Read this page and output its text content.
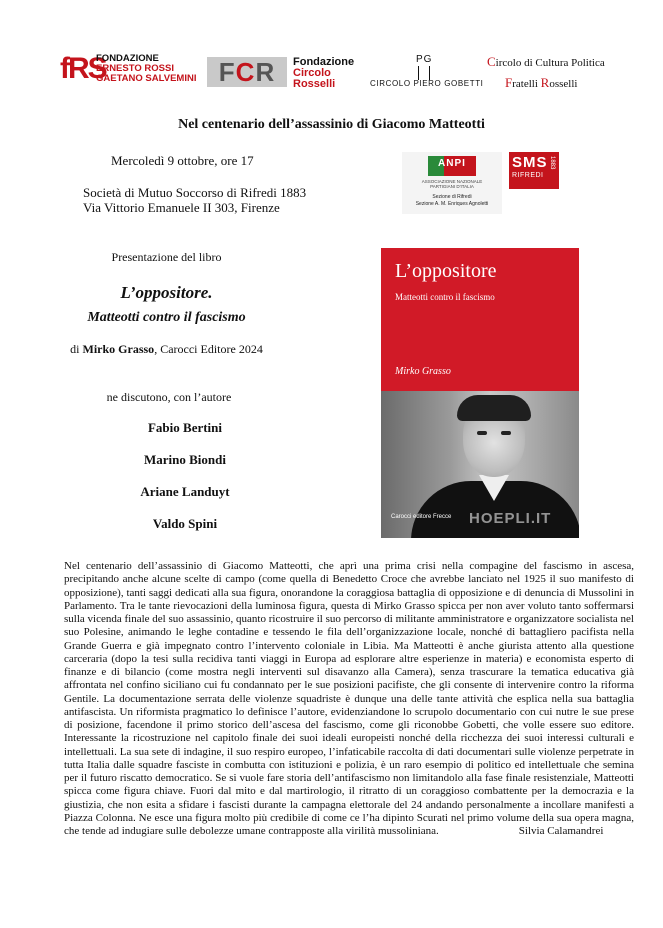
fRS
FONDAZIONE
ERNESTO ROSSI
GAETANO SALVEMINI FCR	Fondazione
Circolo
Rosselli
PG
CIRCOLO PIERO GOBETTI
Circolo di Cultura Politica
Fratelli Rosselli
Nel centenario dell’assassinio di Giacomo Matteotti
Mercoledì 9 ottobre, ore 17
Società di Mutuo Soccorso di Rifredi 1883
Via Vittorio Emanuele II 303, Firenze
ANPI
ASSOCIAZIONE NAZIONALE
PARTIGIANI D'ITALIA
Sezione di Rifredi
Sezione A. M. Enriques Agnoletti
SMS
RIFREDI
1883
Presentazione del libro
L’oppositore.
Matteotti contro il fascismo
di Mirko Grasso, Carocci Editore 2024
ne discutono, con l’autore
Fabio Bertini
Marino Biondi
Ariane Landuyt
Valdo Spini
L’oppositore
Matteotti contro il fascismo
Mirko Grasso
Carocci editore Frecce HOEPLI.IT
Nel centenario dell’assassinio di Giacomo Matteotti, che aprì una prima crisi nella compagine del fascismo in ascesa, precipitando anche alcune scelte di campo (come quella di Benedetto Croce che avrebbe lanciato nel 1925 il suo manifesto di opposizione), tanti saggi dedicati alla sua figura, onorandone la coraggiosa battaglia di opposizione e di denuncia di Mussolini in Parlamento. Tra le tante rievocazioni della luminosa figura, questa di Mirko Grasso spicca per non aver voluto tanto soffermarsi sulla vicenda finale del suo assassinio, quanto ricostruire il suo percorso di militante amministratore e organizzatore socialista nel suo Polesine, animando le leghe contadine e tessendo le fila dell’organizzazione locale, nonché di battagliero pacifista nella Grande Guerra e già impegnato contro l’intervento coloniale in Libia. Ma Matteotti è anche giurista attento alla questione carceraria (dopo la tesi sulla recidiva tanti viaggi in Europa ad esplorare altre esperienze in materia) e economista esperto di finanze e di bilancio (come mostra negli interventi sul disavanzo alla Camera), senza trascurare la tematica educativa già affrontata nel confino siciliano cui fu condannato per le sue posizioni pacifiste, che gli consente di intervenire contro la riforma Gentile. La documentazione serrata delle violenze squadriste è dunque una delle tante attività che esplica nella sua battaglia antifascista. Un riformista pragmatico lo definisce l’autore, evidenziandone lo scrupolo documentario con cui nutre le sue prese di posizione, facendone il primo storico dell’ascesa del fascismo, come gli riconobbe Gobetti, che volle essere suo editore. Interessante la ricostruzione nel capitolo finale dei suoi ideali europeisti nonché della ricchezza dei suoi interessi culturali e intellettuali. La sua sete di indagine, il suo respiro europeo, l’infaticabile raccolta di dati documentari sulle violenze perpetrate in tutta Italia dalle squadre fasciste in combutta con istituzioni e polizia, è un raro esempio di politico ed intellettuale che semina per il futuro riscatto democratico. Se si vuole fare storia dell’antifascismo non limitandolo alla fase finale resistenziale, Matteotti spicca come figura chiave. Fuori dal mito e dal martirologio, il ritratto di un coraggioso combattente per la democrazia e la giustizia, che non esita a sfidare i fascisti durante la campagna elettorale del 24 andando personalmente a incollare manifesti a Piazza Colonna. Ne esce una figura molto più credibile di come ce l’ha dipinto Scurati nel primo volume della sua opera magna, che tende ad indugiare sulle debolezze umane contrapposte alla virilità mussoliniana.	Silvia Calamandrei
